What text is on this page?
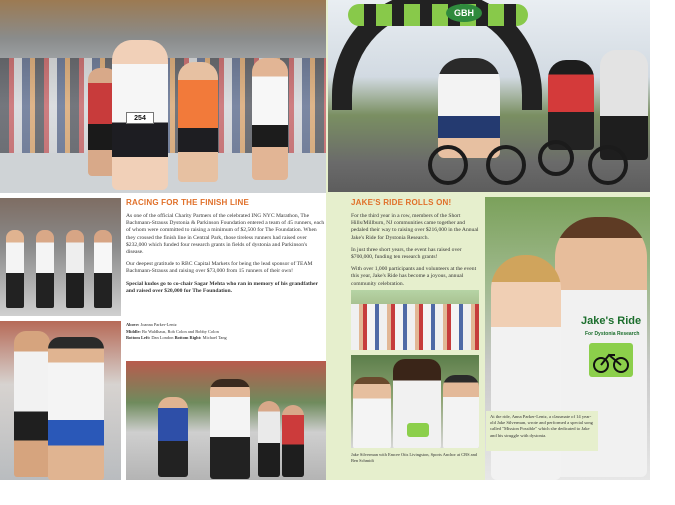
254
GBH
RACING FOR THE FINISH LINE

As one of the official Charity Partners of the celebrated ING NYC Marathon, The Bachmann-Strauss Dystonia & Parkinson Foundation entered a team of 45 runners, each of whom were committed to raising a minimum of $2,500 for The Foundation. When they crossed the finish line in Central Park, those tireless runners had raised over $232,000 which funded four research grants in fields of dystonia and Parkinson's disease.

Our deepest gratitude to RBC Capital Markets for being the lead sponsor of TEAM Bachmann-Strauss and raising over $73,000 from 15 runners of their own!

Special kudos go to co-chair Sagar Mehta who ran in memory of his grandfather and raised over $20,000 for The Foundation.

Above: Joanna Parker-Lentz
Middle: Bo Waldhaus, Rob Colon and Bobby Colon
Bottom Left: Dan London Bottom Right: Michael Tang
JAKE'S RIDE ROLLS ON!

For the third year in a row, members of the Short Hills/Millburn, NJ communities came together and pedaled their way to raising over $216,000 in the Annual Jake's Ride for Dystonia Research.

In just three short years, the event has raised over $700,000, funding ten research grants!

With over 1,000 participants and volunteers at the event this year, Jake's Ride has become a joyous, annual community celebration.

Jake Silverman with Emcee Otis Livingston, Sports Anchor at CBS and Ben Schmidt
Jake's Ride
For Dystonia Research
At the ride, Anna Parker-Lentz, a classmate of 14 year-old Jake Silverman, wrote and performed a special song called "Mission Possible" which she dedicated to Jake and his struggle with dystonia.
